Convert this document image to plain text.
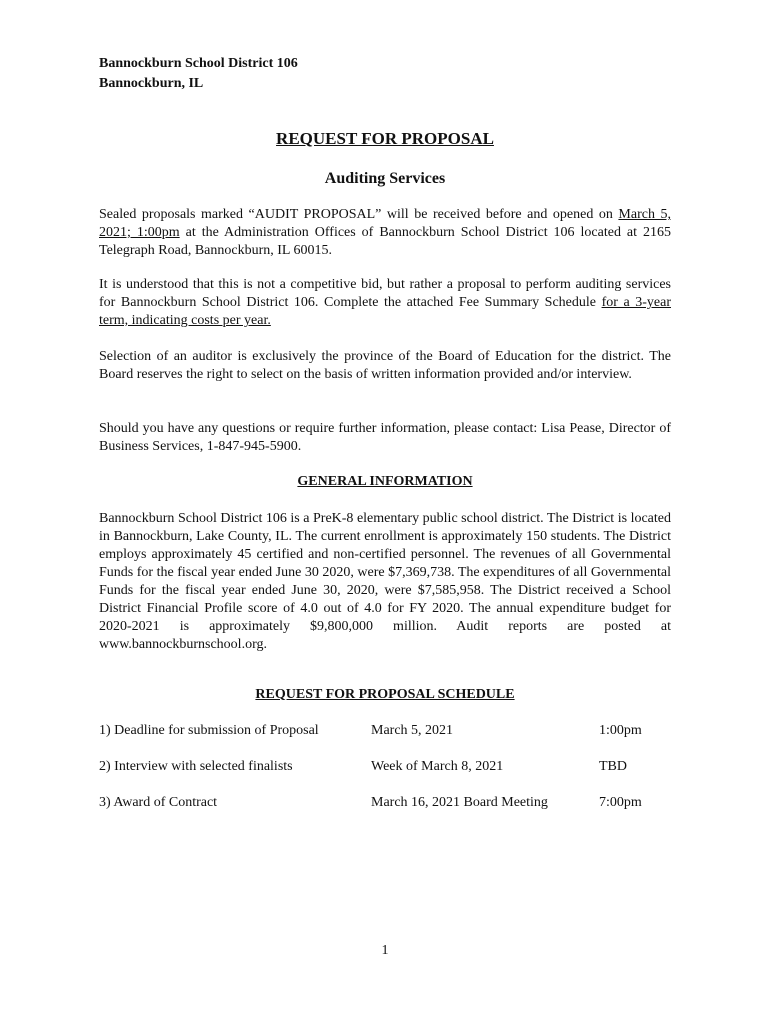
Bannockburn School District 106
Bannockburn, IL
REQUEST FOR PROPOSAL
Auditing Services
Sealed proposals marked “AUDIT PROPOSAL” will be received before and opened on March 5, 2021; 1:00pm at the Administration Offices of Bannockburn School District 106 located at 2165 Telegraph Road, Bannockburn, IL 60015.
It is understood that this is not a competitive bid, but rather a proposal to perform auditing services for Bannockburn School District 106. Complete the attached Fee Summary Schedule for a 3-year term, indicating costs per year.
Selection of an auditor is exclusively the province of the Board of Education for the district. The Board reserves the right to select on the basis of written information provided and/or interview.
Should you have any questions or require further information, please contact: Lisa Pease, Director of Business Services, 1-847-945-5900.
GENERAL INFORMATION
Bannockburn School District 106 is a PreK-8 elementary public school district. The District is located in Bannockburn, Lake County, IL. The current enrollment is approximately 150 students. The District employs approximately 45 certified and non-certified personnel. The revenues of all Governmental Funds for the fiscal year ended June 30 2020, were $7,369,738. The expenditures of all Governmental Funds for the fiscal year ended June 30, 2020, were $7,585,958. The District received a School District Financial Profile score of 4.0 out of 4.0 for FY 2020. The annual expenditure budget for 2020-2021 is approximately $9,800,000 million. Audit reports are posted at www.bannockburnschool.org.
REQUEST FOR PROPOSAL SCHEDULE
1) Deadline for submission of Proposal	March 5, 2021	1:00pm
2) Interview with selected finalists	Week of March 8, 2021	TBD
3) Award of Contract	March 16, 2021 Board Meeting	7:00pm
1
